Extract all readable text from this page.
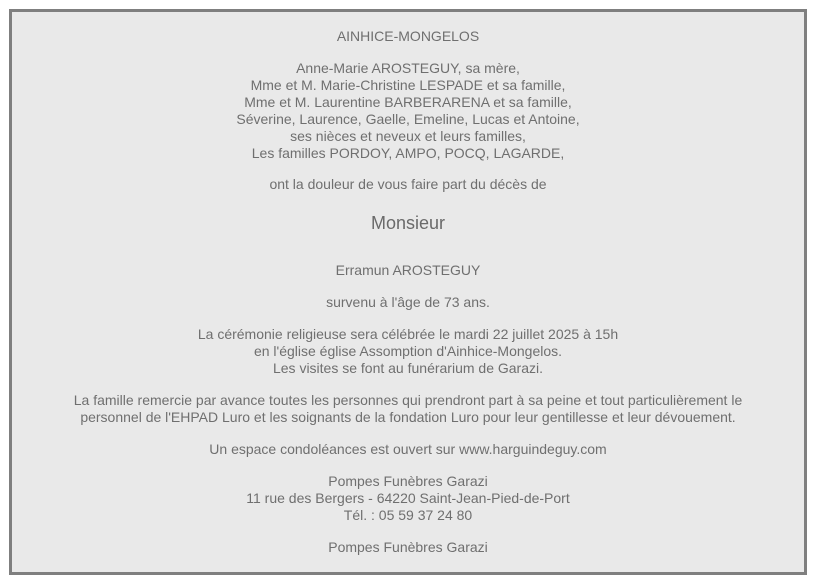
AINHICE-MONGELOS

Anne-Marie AROSTEGUY, sa mère,
Mme et M. Marie-Christine LESPADE et sa famille,
Mme et M. Laurentine BARBERARENA et sa famille,
Séverine, Laurence, Gaelle, Emeline, Lucas et Antoine,
ses nièces et neveux et leurs familles,
Les familles PORDOY, AMPO, POCQ, LAGARDE,

ont la douleur de vous faire part du décès de

Monsieur

Erramun AROSTEGUY

survenu à l'âge de 73 ans.

La cérémonie religieuse sera célébrée le mardi 22 juillet 2025 à 15h
en l'église église Assomption d'Ainhice-Mongelos.
Les visites se font au funérarium de Garazi.

La famille remercie par avance toutes les personnes qui prendront part à sa peine et tout particulièrement le personnel de l'EHPAD Luro et les soignants de la fondation Luro pour leur gentillesse et leur dévouement.

Un espace condoléances est ouvert sur www.harguindeguy.com

Pompes Funèbres Garazi
11 rue des Bergers - 64220 Saint-Jean-Pied-de-Port
Tél. : 05 59 37 24 80

Pompes Funèbres Garazi
